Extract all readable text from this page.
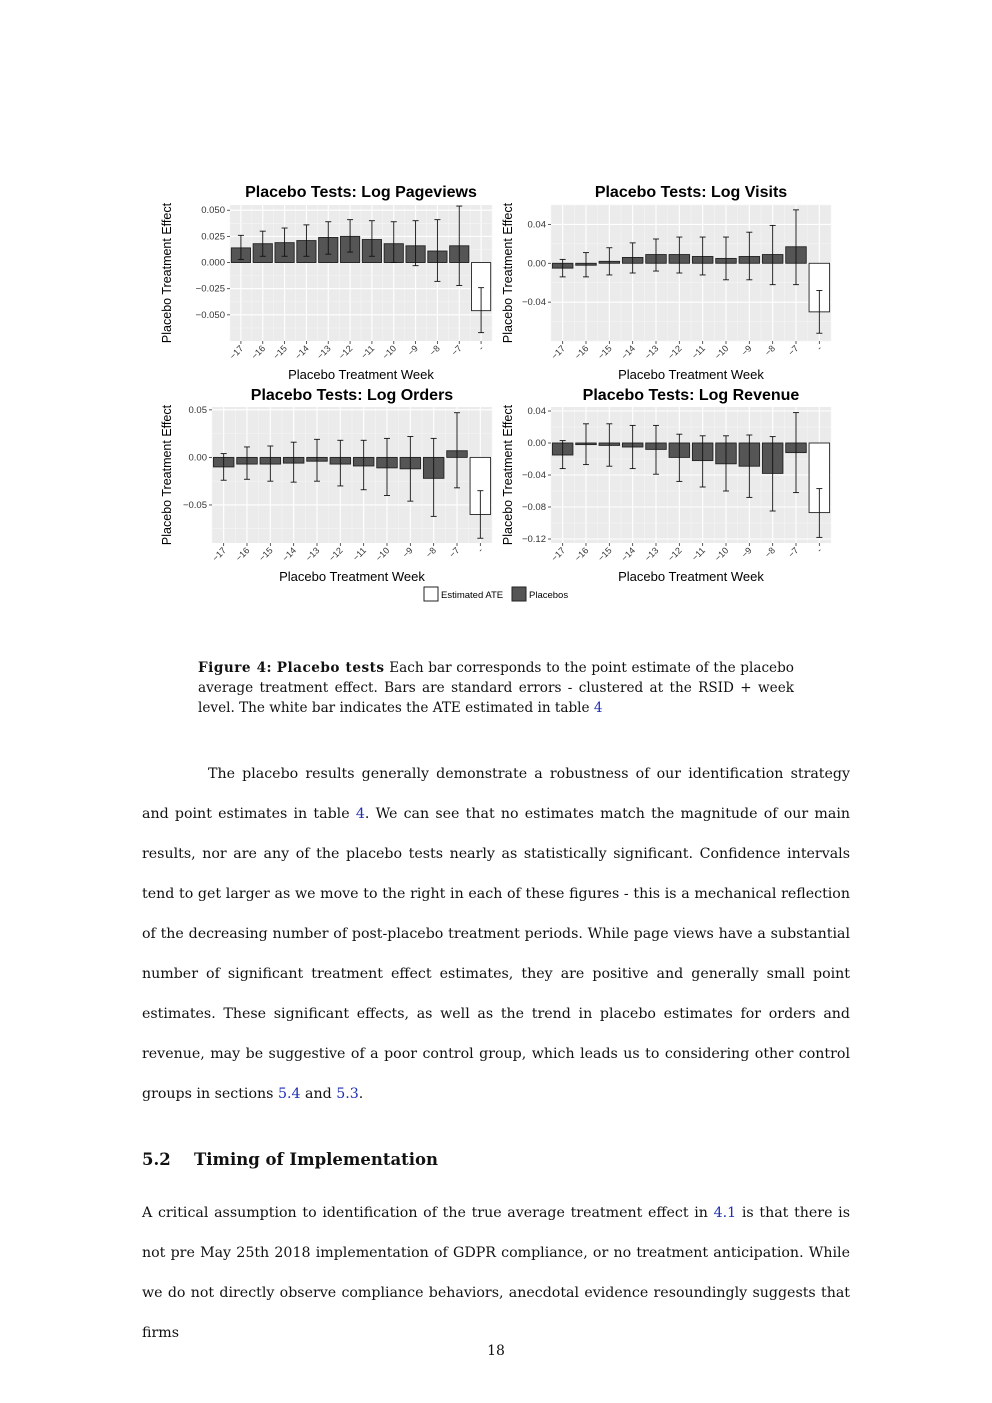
0.050
0.025
0.000
−0.025
−0.050
−17 −16 −15 −14 −13 −12 −11 −10 −9 −8 −7 -
Placebo Tests: Log Pageviews
Placebo Treatment Week
Placebo Treatment Effect	0.04
0.00
−0.04
−17 −16 −15 −14 −13 −12 −11 −10 −9 −8 −7 -
Placebo Tests: Log Visits
Placebo Treatment Week
Placebo Treatment Effect
0.05
0.00
−0.05
−17 −16 −15 −14 −13 −12 −11 −10 −9 −8 −7 -
Placebo Tests: Log Orders
Placebo Treatment Week
Placebo Treatment Effect	0.04
0.00
−0.04
−0.08
−0.12
−17 −16 −15 −14 −13 −12 −11 −10 −9 −8 −7 -
Placebo Tests: Log Revenue
Placebo Treatment Week
Placebo Treatment Effect
Estimated ATE	Placebos
Figure 4: Placebo tests Each bar corresponds to the point estimate of the placebo average treatment effect. Bars are standard errors - clustered at the RSID + week level. The white bar indicates the ATE estimated in table 4
The placebo results generally demonstrate a robustness of our identification strategy and point estimates in table 4. We can see that no estimates match the magnitude of our main results, nor are any of the placebo tests nearly as statistically significant. Confidence intervals tend to get larger as we move to the right in each of these figures - this is a mechanical reflection of the decreasing number of post-placebo treatment periods. While page views have a substantial number of significant treatment effect estimates, they are positive and generally small point estimates. These significant effects, as well as the trend in placebo estimates for orders and revenue, may be suggestive of a poor control group, which leads us to considering other control groups in sections 5.4 and 5.3.
5.2 Timing of Implementation
A critical assumption to identification of the true average treatment effect in 4.1 is that there is not pre May 25th 2018 implementation of GDPR compliance, or no treatment anticipation. While we do not directly observe compliance behaviors, anecdotal evidence resoundingly suggests that firms
18
